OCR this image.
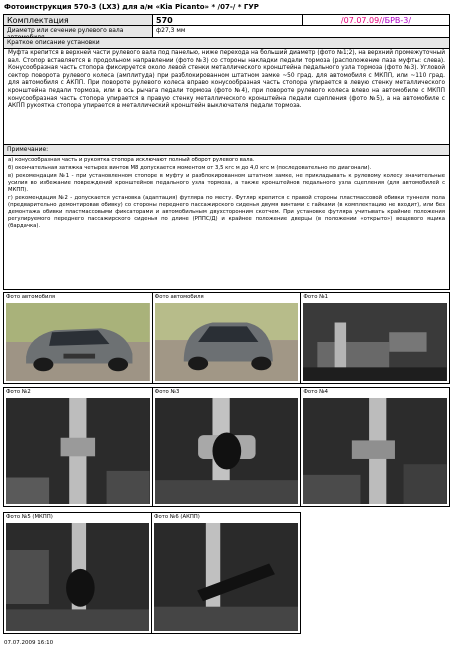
Фотоинструкция 570-3 (LX3) для а/м «Kia Picanto» * /07-/ * ГУР
Комплектация	570	/07.07.09//БРВ-3/
Диаметр или сечение рулевого вала	ф27,3 мм
Краткое описание установки
Муфта крепится в верхней части рулевого вала под панелью, ниже перехода на больший диаметр (фото №1;2), на верхний промежуточный вал. Стопор вставляется в продольном направлении (фото №3) со стороны накладки педали тормоза (расположение паза муфты: слева). Конусообразная часть стопора фиксируется около левой стенки металлического кронштейна педального узла тормоза (фото №3). Угловой сектор поворота рулевого колеса (амплитуда) при разблокированном штатном замке ~50 град. для автомобиля с МКПП, или ~110 град. для автомобиля с АКПП. При повороте рулевого колеса вправо конусообразная часть стопора упирается в левую стенку металлического кронштейна педали тормоза, или в ось рычага педали тормоза (фото №4), при повороте рулевого колеса влево на автомобиле с МКПП конусообразная часть стопора упирается в правую стенку металлического кронштейна педали сцепления (фото №5), а на автомобиле с АКПП рукоятка стопора упирается в металлический кронштейн выключателя педали тормоза.
Примечание:

а) конусообразная часть и рукоятка стопора исключают полный оборот рулевого вала.

б) окончательная затяжка четырех винтов М8 допускается моментом от 3,5 кгс м до 4,0 кгс м (последовательно по диагонали).

в) рекомендация №1 - при установленном стопоре в муфту и разблокированном штатном замке, не прикладывать к рулевому колесу значительные усилия во избежание повреждений кронштейнов педального узла тормоза, а также кронштейнов педального узла сцепления (для автомобилей с МКПП).

г) рекомендация №2 - допускается установка (адаптация) футляра по месту. Футляр крепится с правой стороны пластмассовой обивки туннеля пола (предварительно демонтировав обивку) со стороны переднего пассажирского сиденья двумя винтами с гайками (в комплектацию не входит), или без демонтажа обивки пластмассовыми фиксаторами и автомобильным двухсторонним скотчем. При установке футляра учитывать крайние положения регулируемого переднего пассажирского сиденья по длине (РППС/Д) и крайнее положение дверцы (в положении «открыто») вещевого ящика (бардачка).

Фото автомобиля	Фото автомобиля	Фото №1
Фото №2	Фото №3	Фото №4
Фото №5 (МКПП)	Фото №6 (АКПП)
07.07.2009 16:10
